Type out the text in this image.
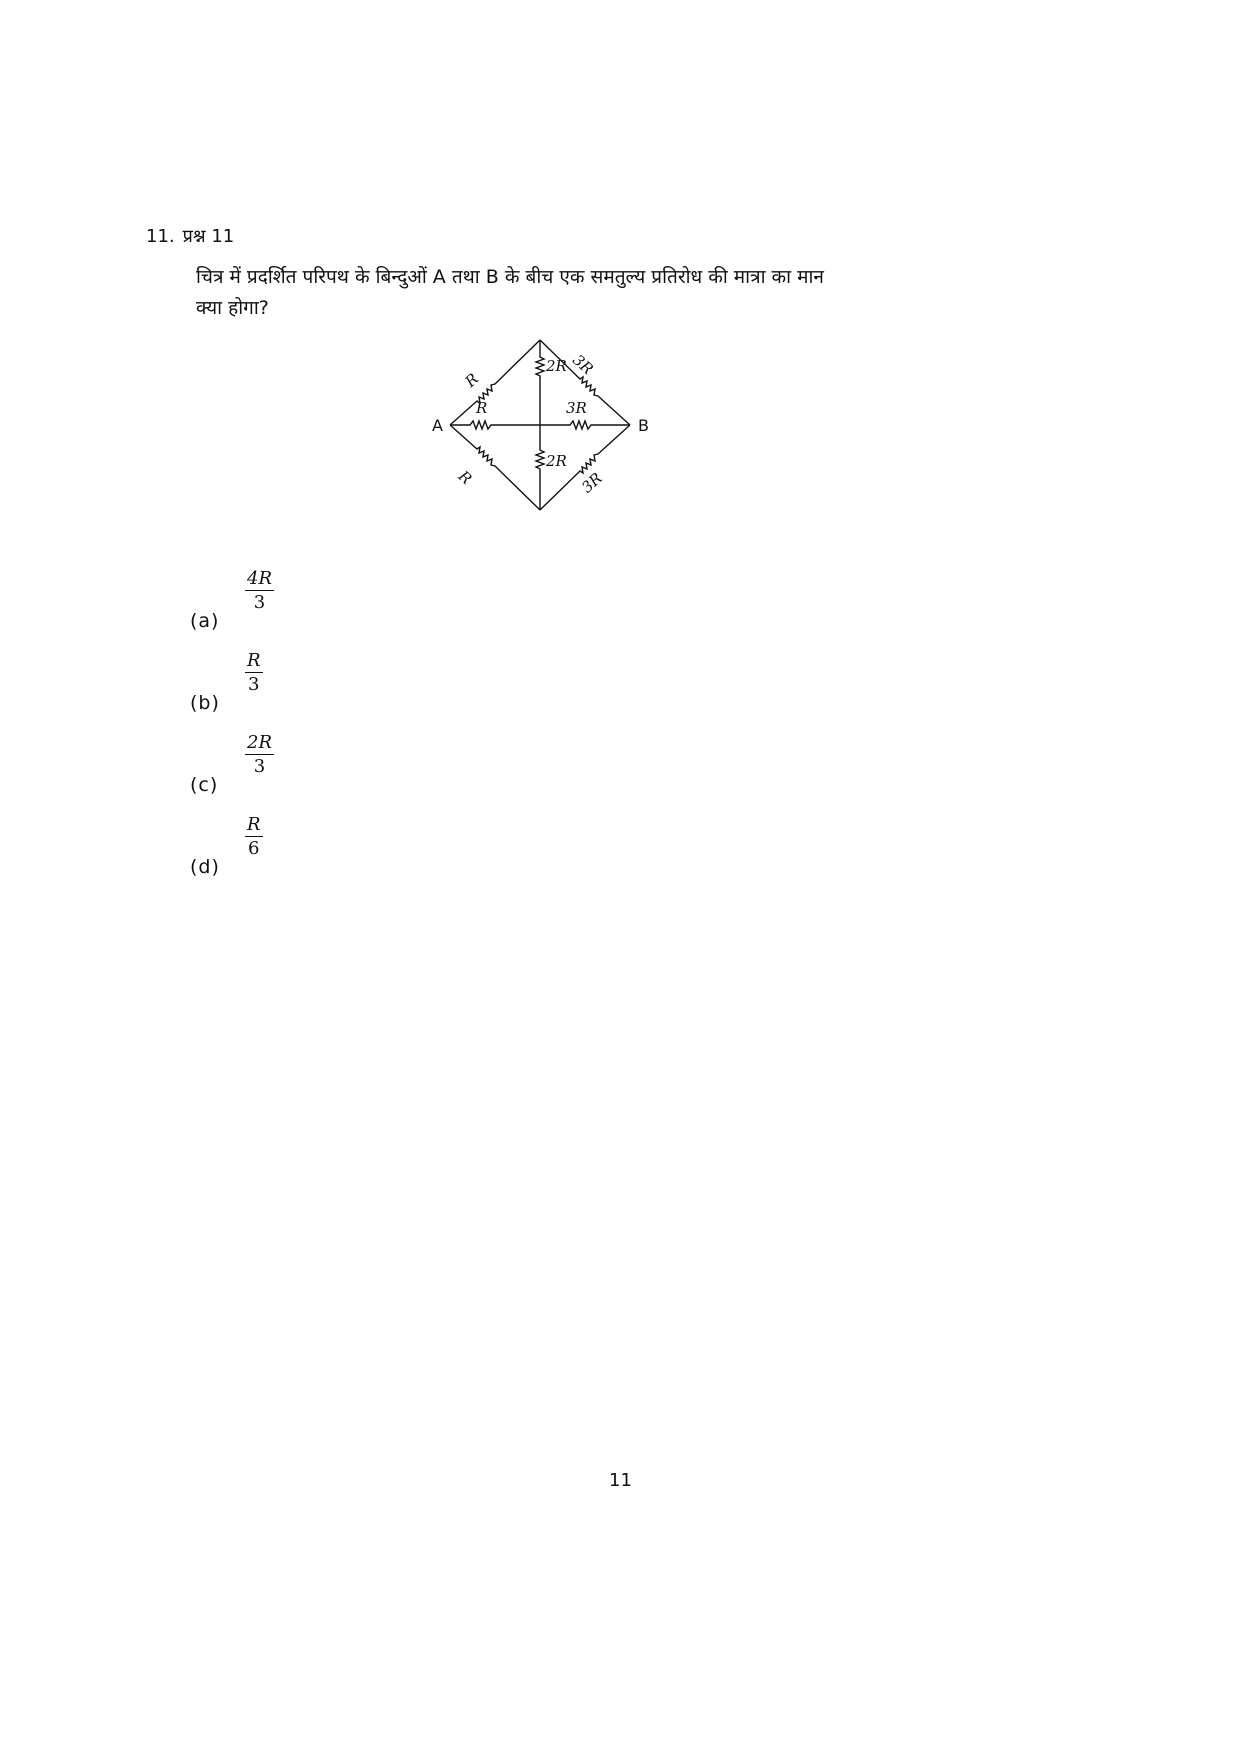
11. प्रश्न 11
चित्र में प्रदर्शित परिपथ के बिन्दुओं A तथा B के बीच एक समतुल्य प्रतिरोध की मात्रा का मान
क्या होगा?
A	B
R
2R 3R
R	3R
R
2R
3R
(a)
$\frac{4R}{3}$
(b)
$\frac{R}{3}$
(c)
$\frac{2R}{3}$
(d)
$\frac{R}{6}$
11
